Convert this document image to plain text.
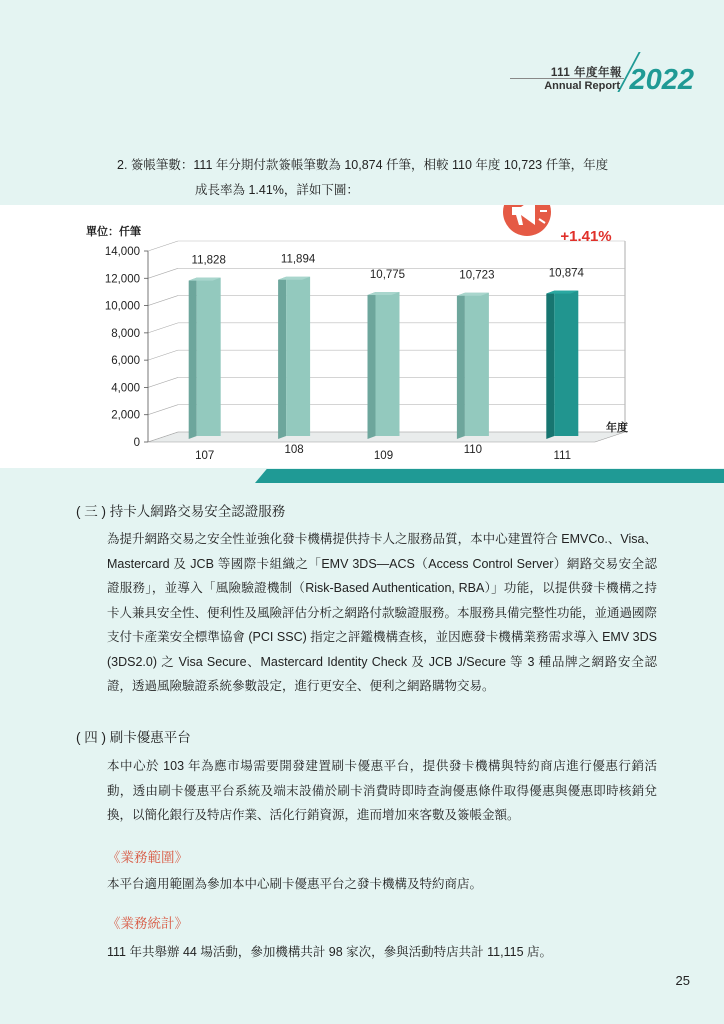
111 年度年報
Annual Report 2022
2. 簽帳筆數：111 年分期付款簽帳筆數為 10,874 仟筆，相較 110 年度 10,723 仟筆，年度
成長率為 1.41%，詳如下圖：
單位：仟筆
14,000
12,000
10,000
8,000
6,000
4,000
2,000
0
11,828	11,894
10,775	10,723	10,874
107	108	109	110	111
年度
+1.41%
( 三 ) 持卡人網路交易安全認證服務
為提升網路交易之安全性並強化發卡機構提供持卡人之服務品質，本中心建置符合 EMVCo.、Visa、Mastercard 及 JCB 等國際卡組織之「EMV 3DS—ACS（Access Control Server）網路交易安全認證服務」，並導入「風險驗證機制（Risk-Based Authentication, RBA）」功能，以提供發卡機構之持卡人兼具安全性、便利性及風險評估分析之網路付款驗證服務。本服務具備完整性功能，並通過國際支付卡產業安全標準協會 (PCI SSC) 指定之評鑑機構查核，並因應發卡機構業務需求導入 EMV 3DS (3DS2.0) 之 Visa Secure、Mastercard Identity Check 及 JCB J/Secure 等 3 種品牌之網路安全認證，透過風險驗證系統參數設定，進行更安全、便利之網路購物交易。
( 四 ) 刷卡優惠平台
本中心於 103 年為應市場需要開發建置刷卡優惠平台，提供發卡機構與特約商店進行優惠行銷活動，透由刷卡優惠平台系統及端末設備於刷卡消費時即時查詢優惠條件取得優惠與優惠即時核銷兌換，以簡化銀行及特店作業、活化行銷資源，進而增加來客數及簽帳金額。
《業務範圍》
本平台適用範圍為參加本中心刷卡優惠平台之發卡機構及特約商店。
《業務統計》
111 年共舉辦 44 場活動，參加機構共計 98 家次，參與活動特店共計 11,115 店。
25
